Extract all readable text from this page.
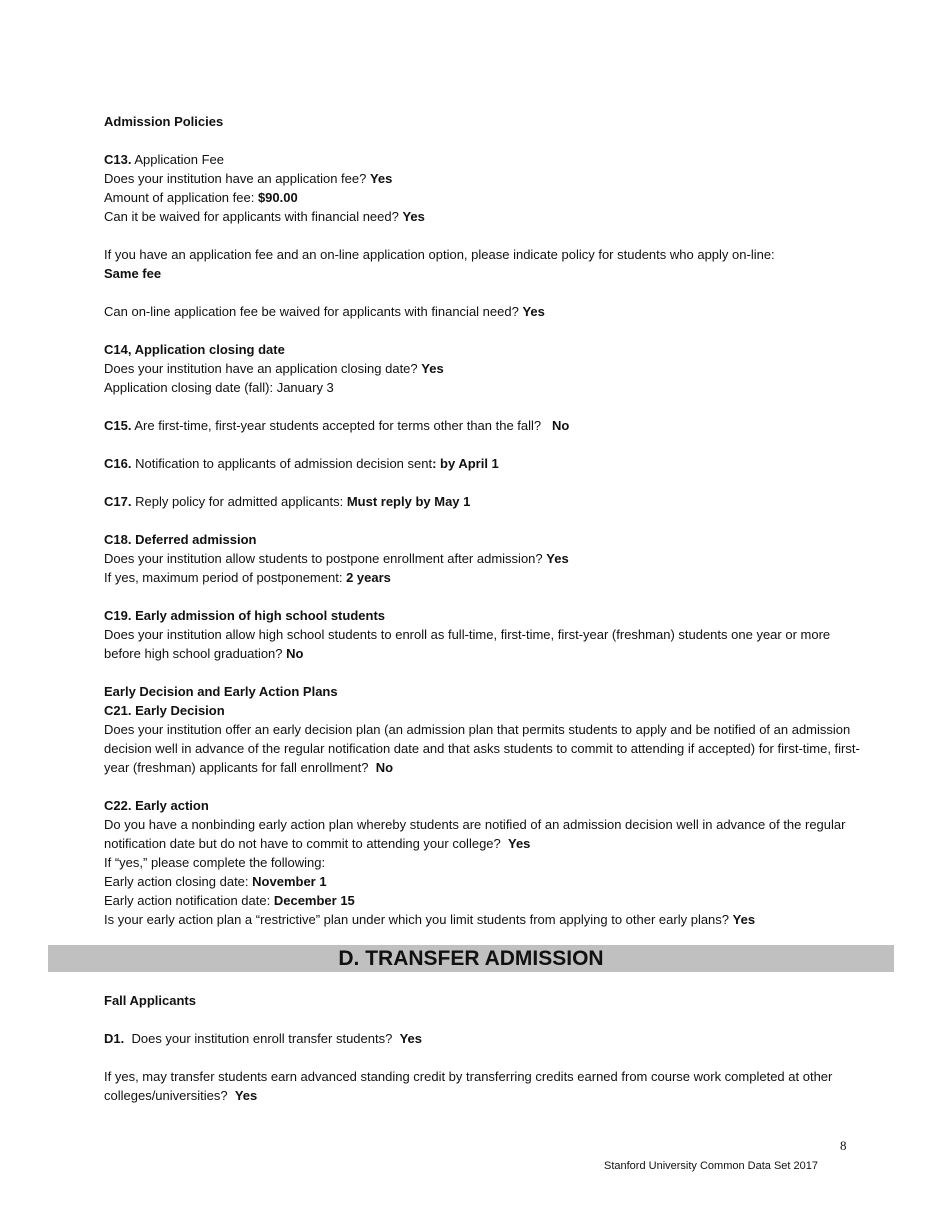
Admission Policies
C13. Application Fee
Does your institution have an application fee? Yes
Amount of application fee: $90.00
Can it be waived for applicants with financial need? Yes
If you have an application fee and an on-line application option, please indicate policy for students who apply on-line:
Same fee
Can on-line application fee be waived for applicants with financial need? Yes
C14, Application closing date
Does your institution have an application closing date? Yes
Application closing date (fall): January 3
C15. Are first-time, first-year students accepted for terms other than the fall? No
C16. Notification to applicants of admission decision sent: by April 1
C17. Reply policy for admitted applicants: Must reply by May 1
C18. Deferred admission
Does your institution allow students to postpone enrollment after admission? Yes
If yes, maximum period of postponement: 2 years
C19. Early admission of high school students
Does your institution allow high school students to enroll as full-time, first-time, first-year (freshman) students one year or more before high school graduation? No
Early Decision and Early Action Plans
C21. Early Decision
Does your institution offer an early decision plan (an admission plan that permits students to apply and be notified of an admission decision well in advance of the regular notification date and that asks students to commit to attending if accepted) for first-time, first-year (freshman) applicants for fall enrollment? No
C22. Early action
Do you have a nonbinding early action plan whereby students are notified of an admission decision well in advance of the regular notification date but do not have to commit to attending your college? Yes
If “yes,” please complete the following:
Early action closing date: November 1
Early action notification date: December 15
Is your early action plan a “restrictive” plan under which you limit students from applying to other early plans? Yes
D. TRANSFER ADMISSION
Fall Applicants
D1. Does your institution enroll transfer students? Yes
If yes, may transfer students earn advanced standing credit by transferring credits earned from course work completed at other colleges/universities? Yes
8
Stanford University Common Data Set 2017
